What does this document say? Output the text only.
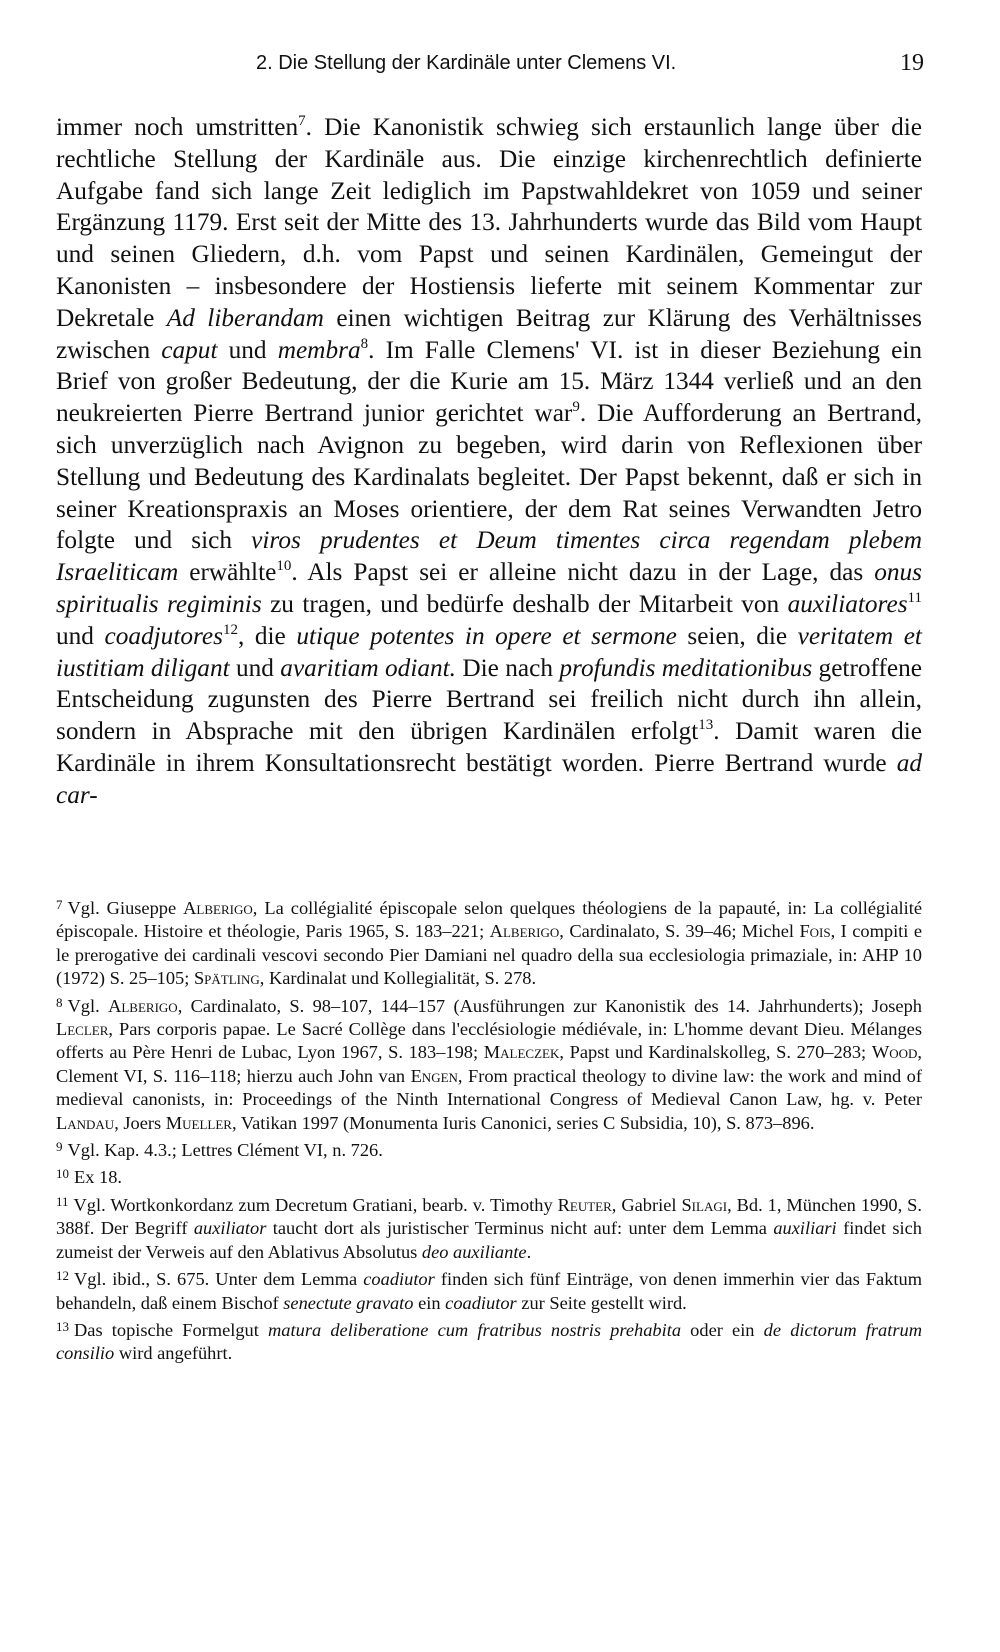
2. Die Stellung der Kardinäle unter Clemens VI.	19

immer noch umstritten$^7$. Die Kanonistik schwieg sich erstaunlich lange über die rechtliche Stellung der Kardinäle aus. Die einzige kirchenrechtlich definierte Aufgabe fand sich lange Zeit lediglich im Papstwahldekret von 1059 und seiner Ergänzung 1179. Erst seit der Mitte des 13. Jahrhunderts wurde das Bild vom Haupt und seinen Gliedern, d.h. vom Papst und seinen Kardinälen, Gemeingut der Kanonisten – insbesondere der Hostiensis lieferte mit seinem Kommentar zur Dekretale Ad liberandam einen wichtigen Beitrag zur Klärung des Verhältnisses zwischen caput und membra$^8$. Im Falle Clemens' VI. ist in dieser Beziehung ein Brief von großer Bedeutung, der die Kurie am 15. März 1344 verließ und an den neukreierten Pierre Bertrand junior gerichtet war$^9$. Die Aufforderung an Bertrand, sich unverzüglich nach Avignon zu begeben, wird darin von Reflexionen über Stellung und Bedeutung des Kardinalats begleitet. Der Papst bekennt, daß er sich in seiner Kreationspraxis an Moses orientiere, der dem Rat seines Verwandten Jetro folgte und sich viros prudentes et Deum timentes circa regendam plebem Israeliticam erwählte$^{10}$. Als Papst sei er alleine nicht dazu in der Lage, das onus spiritualis regiminis zu tragen, und bedürfe deshalb der Mitarbeit von auxiliatores$^{11}$ und coadjutores$^{12}$, die utique potentes in opere et sermone seien, die veritatem et iustitiam diligant und avaritiam odiant. Die nach profundis meditationibus getroffene Entscheidung zugunsten des Pierre Bertrand sei freilich nicht durch ihn allein, sondern in Absprache mit den übrigen Kardinälen erfolgt$^{13}$. Damit waren die Kardinäle in ihrem Konsultationsrecht bestätigt worden. Pierre Bertrand wurde ad car-

$^7$ Vgl. Giuseppe Alberigo, La collégialité épiscopale selon quelques théologiens de la papauté, in: La collégialité épiscopale. Histoire et théologie, Paris 1965, S. 183–221; Alberigo, Cardinalato, S. 39–46; Michel Fois, I compiti e le prerogative dei cardinali vescovi secondo Pier Damiani nel quadro della sua ecclesiologia primaziale, in: AHP 10 (1972) S. 25–105; Spätling, Kardinalat und Kollegialität, S. 278.

$^8$ Vgl. Alberigo, Cardinalato, S. 98–107, 144–157 (Ausführungen zur Kanonistik des 14. Jahrhunderts); Joseph Lecler, Pars corporis papae. Le Sacré Collège dans l'ecclésiologie médiévale, in: L'homme devant Dieu. Mélanges offerts au Père Henri de Lubac, Lyon 1967, S. 183–198; Maleczek, Papst und Kardinalskolleg, S. 270–283; Wood, Clement VI, S. 116–118; hierzu auch John van Engen, From practical theology to divine law: the work and mind of medieval canonists, in: Proceedings of the Ninth International Congress of Medieval Canon Law, hg. v. Peter Landau, Joers Mueller, Vatikan 1997 (Monumenta Iuris Canonici, series C Subsidia, 10), S. 873–896.

$^9$ Vgl. Kap. 4.3.; Lettres Clément VI, n. 726.

$^{10}$ Ex 18.

$^{11}$ Vgl. Wortkonkordanz zum Decretum Gratiani, bearb. v. Timothy Reuter, Gabriel Silagi, Bd. 1, München 1990, S. 388f. Der Begriff auxiliator taucht dort als juristischer Terminus nicht auf: unter dem Lemma auxiliari findet sich zumeist der Verweis auf den Ablativus Absolutus deo auxiliante.

$^{12}$ Vgl. ibid., S. 675. Unter dem Lemma coadiutor finden sich fünf Einträge, von denen immerhin vier das Faktum behandeln, daß einem Bischof senectute gravato ein coadiutor zur Seite gestellt wird.

$^{13}$ Das topische Formelgut matura deliberatione cum fratribus nostris prehabita oder ein de dictorum fratrum consilio wird angeführt.
